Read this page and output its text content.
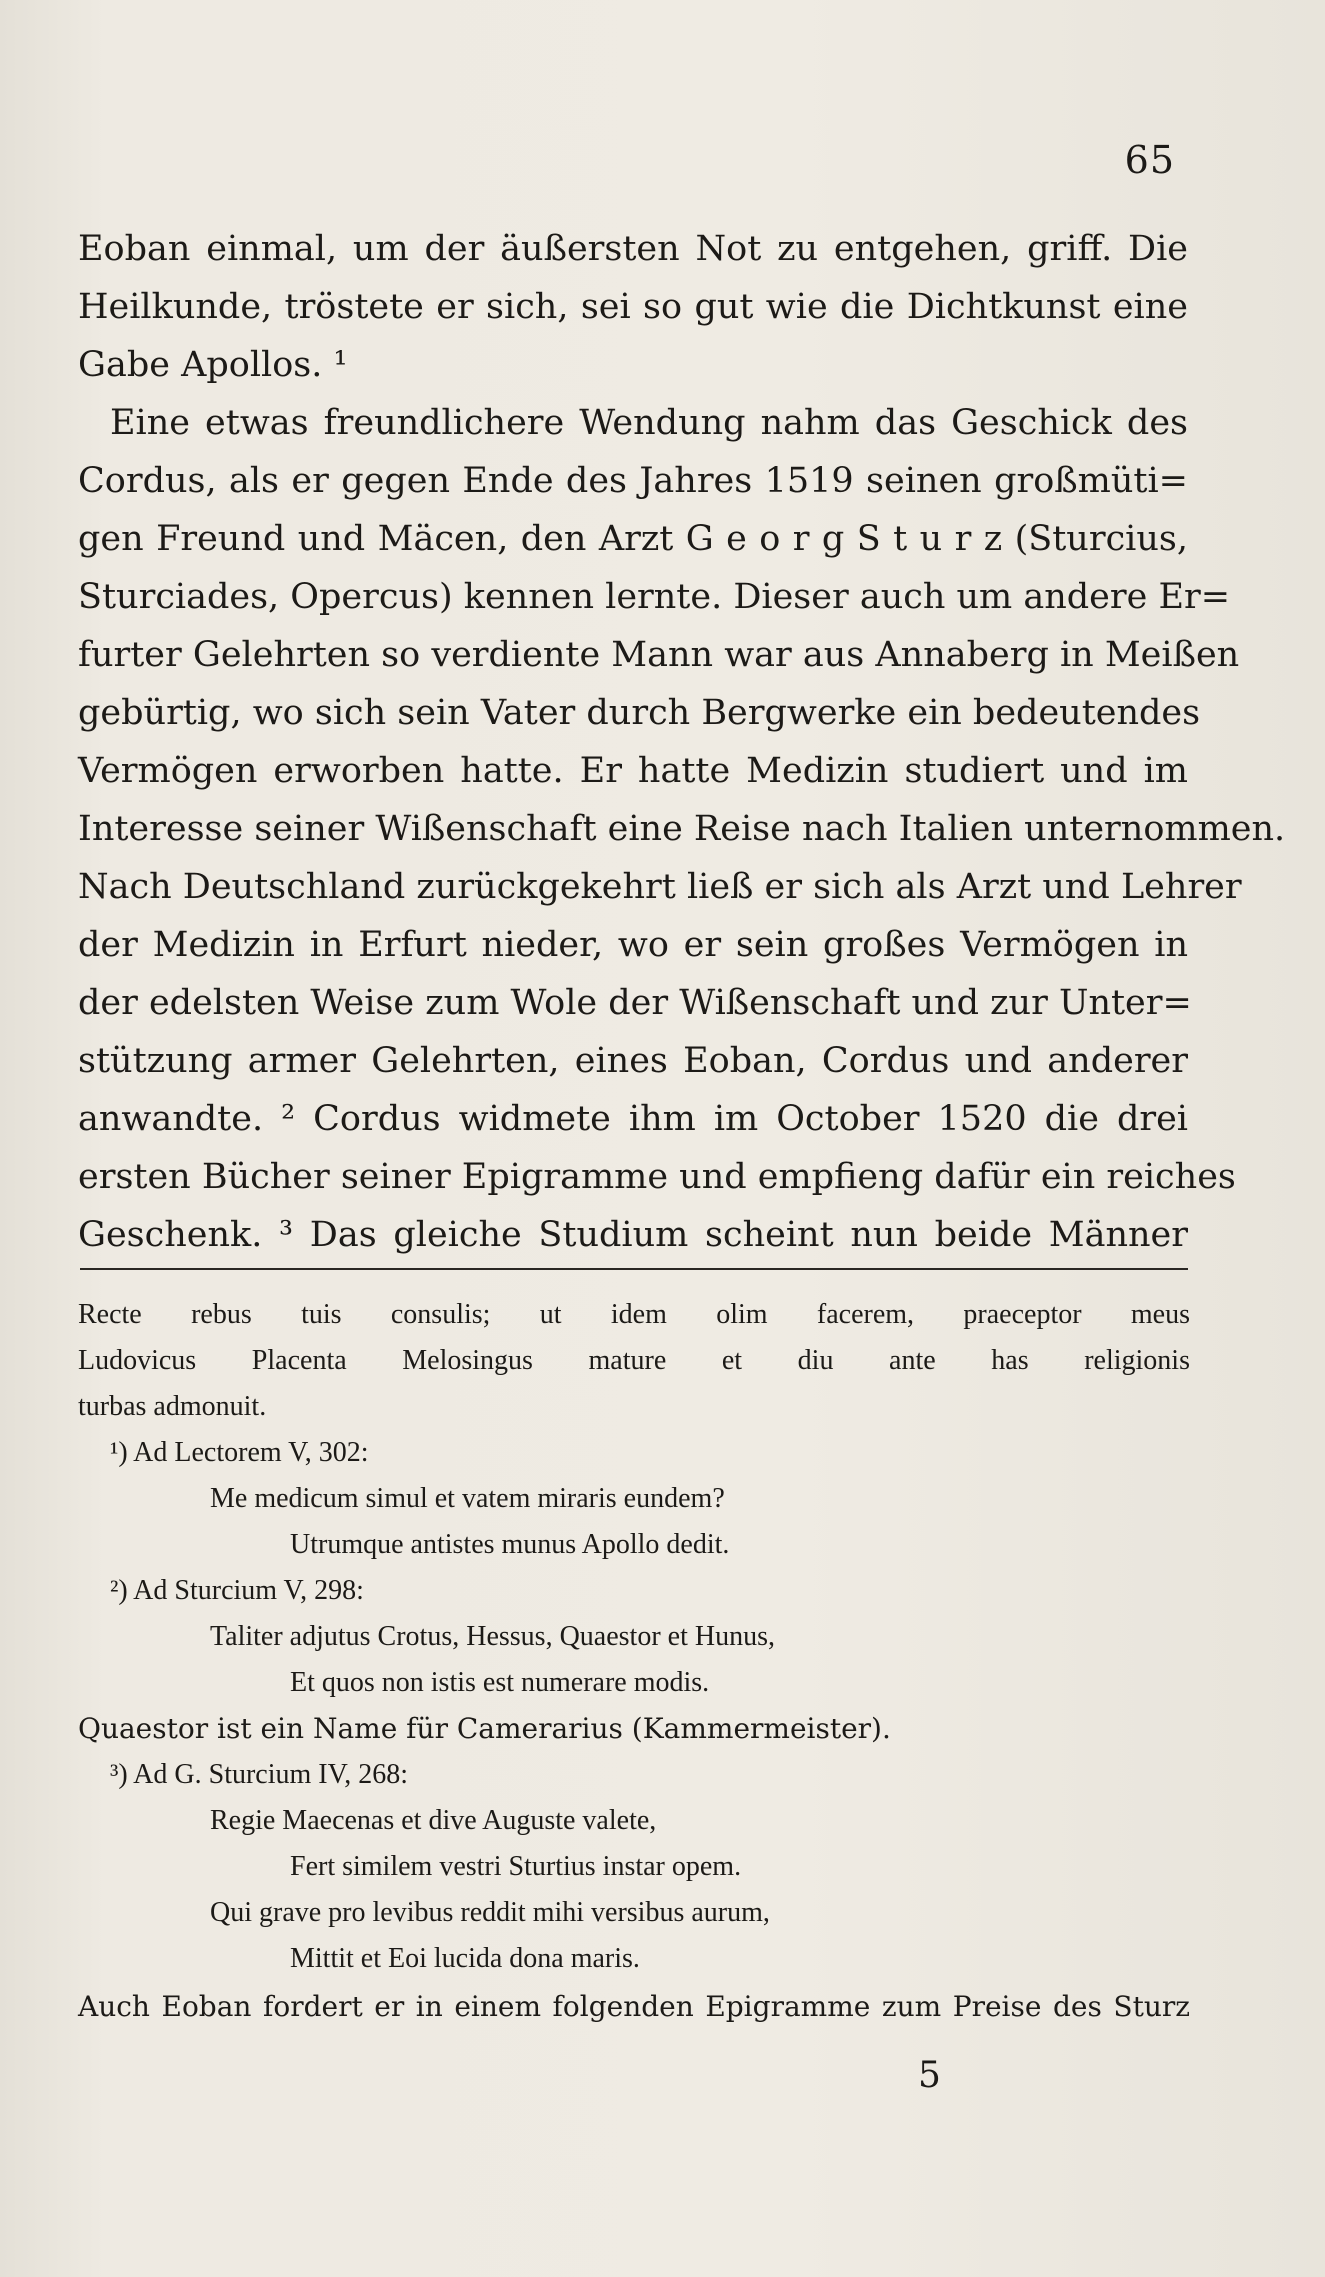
65
Eoban einmal, um der äußersten Not zu entgehen, griff. Die
Heilkunde, tröstete er sich, sei so gut wie die Dichtkunst eine
Gabe Apollos. ¹
Eine etwas freundlichere Wendung nahm das Geschick des
Cordus, als er gegen Ende des Jahres 1519 seinen großmüti=
gen Freund und Mäcen, den Arzt G e o r g S t u r z (Sturcius,
Sturciades, Opercus) kennen lernte. Dieser auch um andere Er=
furter Gelehrten so verdiente Mann war aus Annaberg in Meißen
gebürtig, wo sich sein Vater durch Bergwerke ein bedeutendes
Vermögen erworben hatte. Er hatte Medizin studiert und im
Interesse seiner Wißenschaft eine Reise nach Italien unternommen.
Nach Deutschland zurückgekehrt ließ er sich als Arzt und Lehrer
der Medizin in Erfurt nieder, wo er sein großes Vermögen in
der edelsten Weise zum Wole der Wißenschaft und zur Unter=
stützung armer Gelehrten, eines Eoban, Cordus und anderer
anwandte. ² Cordus widmete ihm im October 1520 die drei
ersten Bücher seiner Epigramme und empfieng dafür ein reiches
Geschenk. ³ Das gleiche Studium scheint nun beide Männer
Recte rebus tuis consulis; ut idem olim facerem, praeceptor meus
Ludovicus Placenta Melosingus mature et diu ante has religionis
turbas admonuit.
¹) Ad Lectorem V, 302:
Me medicum simul et vatem miraris eundem?
Utrumque antistes munus Apollo dedit.
²) Ad Sturcium V, 298:
Taliter adjutus Crotus, Hessus, Quaestor et Hunus,
Et quos non istis est numerare modis.
Quaestor ist ein Name für Camerarius (Kammermeister).
³) Ad G. Sturcium IV, 268:
Regie Maecenas et dive Auguste valete,
Fert similem vestri Sturtius instar opem.
Qui grave pro levibus reddit mihi versibus aurum,
Mittit et Eoi lucida dona maris.
Auch Eoban fordert er in einem folgenden Epigramme zum Preise des Sturz
5
